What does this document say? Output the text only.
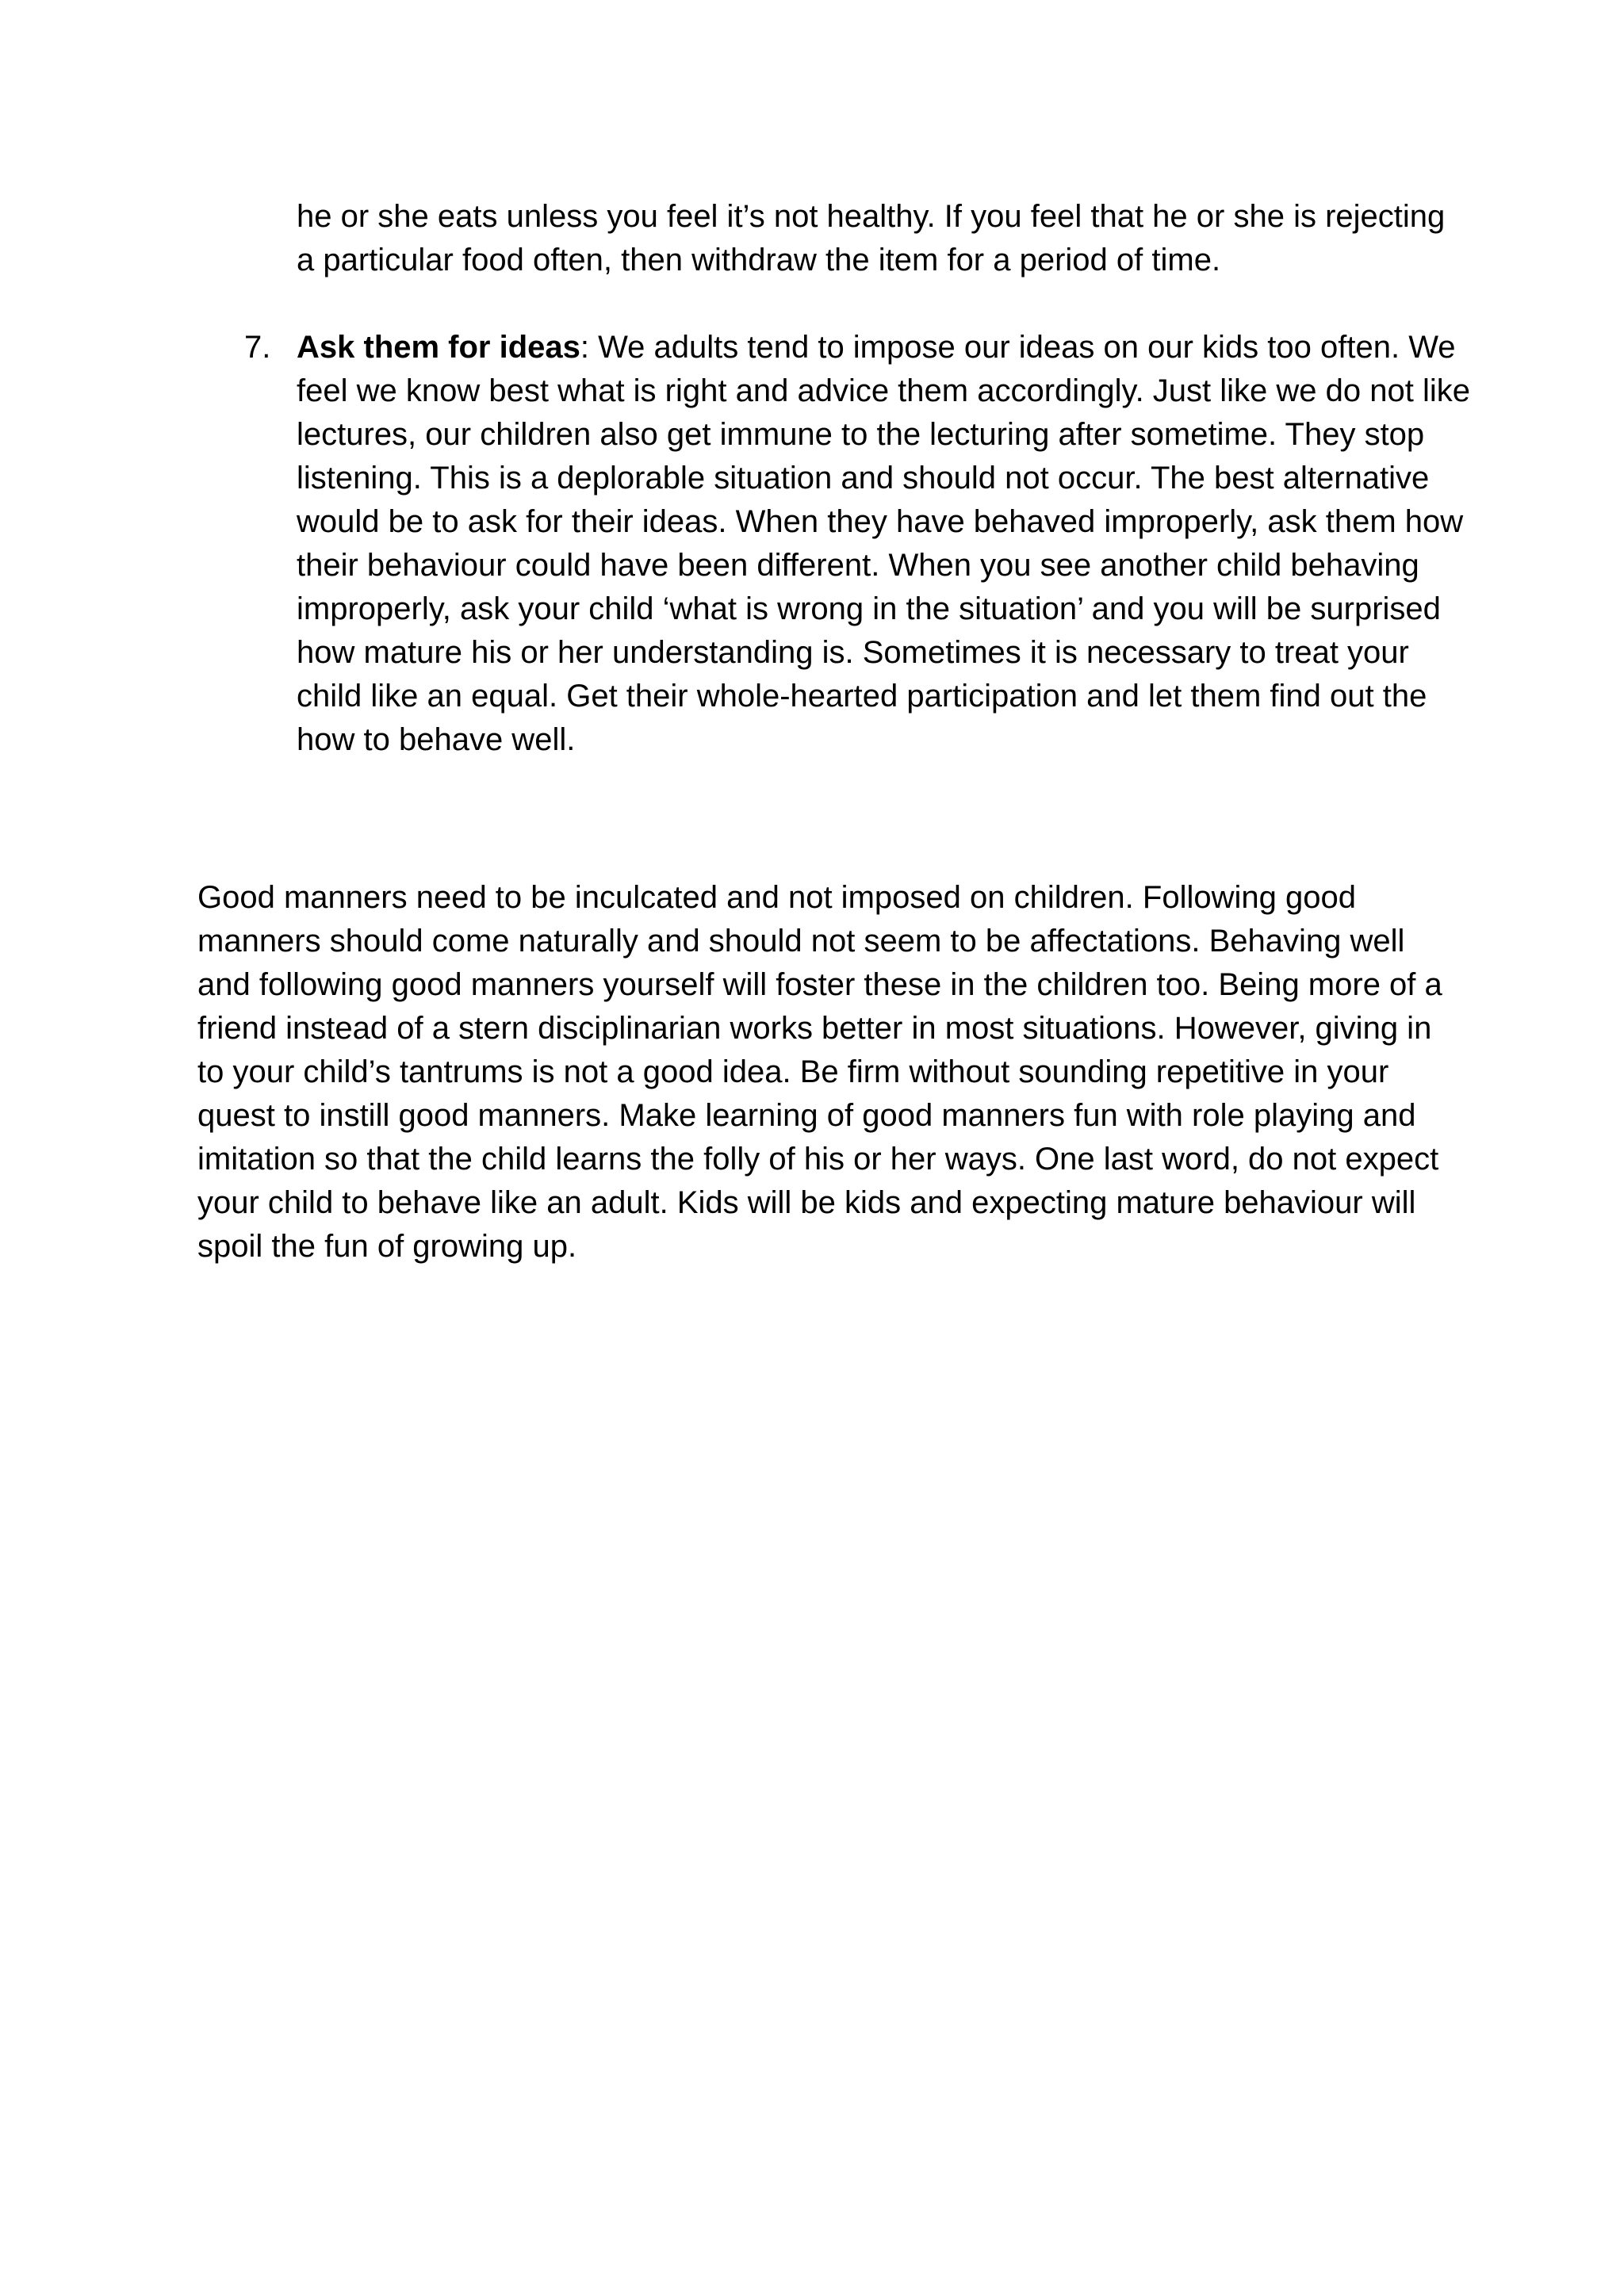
he or she eats unless you feel it’s not healthy. If you feel that he or she is rejecting a particular food often, then withdraw the item for a period of time.

7. Ask them for ideas: We adults tend to impose our ideas on our kids too often. We feel we know best what is right and advice them accordingly. Just like we do not like lectures, our children also get immune to the lecturing after sometime. They stop listening. This is a deplorable situation and should not occur. The best alternative would be to ask for their ideas. When they have behaved improperly, ask them how their behaviour could have been different. When you see another child behaving improperly, ask your child ‘what is wrong in the situation’ and you will be surprised how mature his or her understanding is. Sometimes it is necessary to treat your child like an equal. Get their whole-hearted participation and let them find out the how to behave well.

Good manners need to be inculcated and not imposed on children. Following good manners should come naturally and should not seem to be affectations. Behaving well and following good manners yourself will foster these in the children too. Being more of a friend instead of a stern disciplinarian works better in most situations. However, giving in to your child’s tantrums is not a good idea. Be firm without sounding repetitive in your quest to instill good manners. Make learning of good manners fun with role playing and imitation so that the child learns the folly of his or her ways. One last word, do not expect your child to behave like an adult. Kids will be kids and expecting mature behaviour will spoil the fun of growing up.
